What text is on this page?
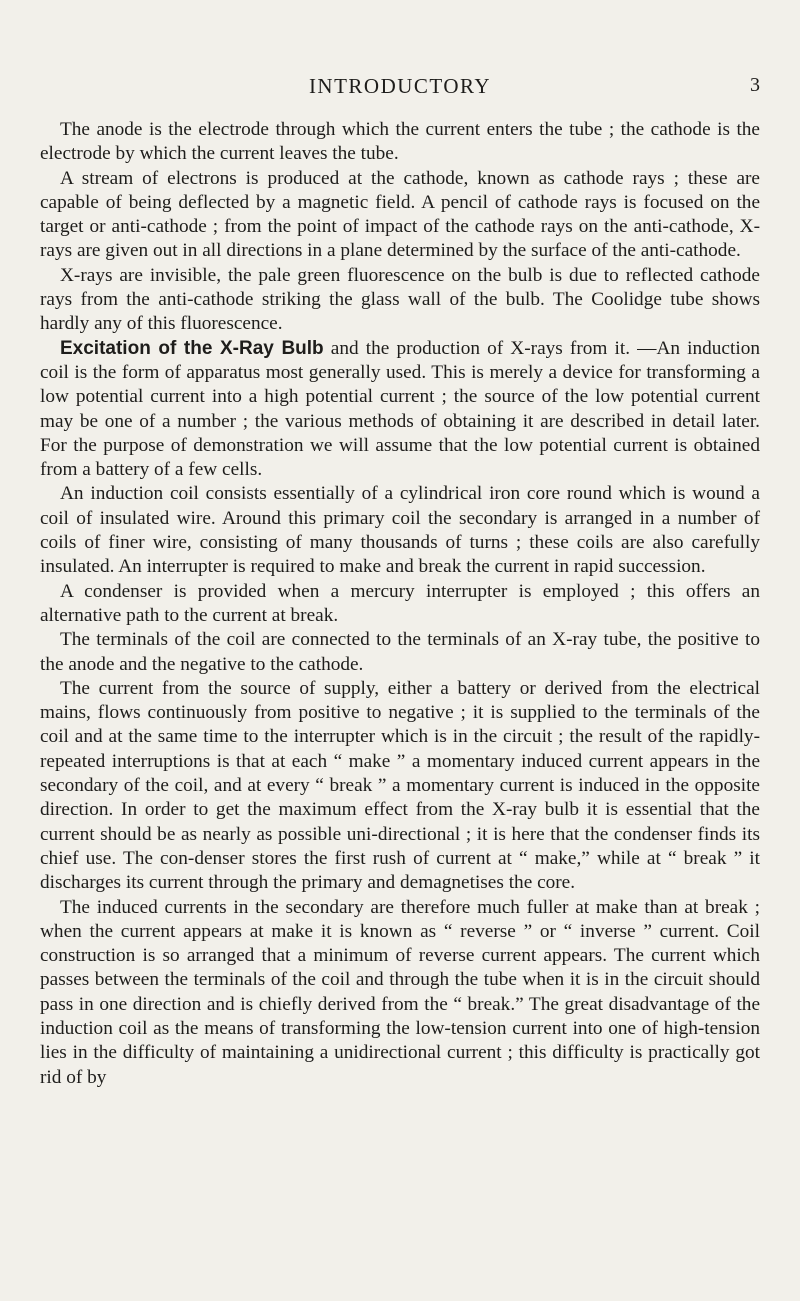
INTRODUCTORY	3

The anode is the electrode through which the current enters the tube ; the cathode is the electrode by which the current leaves the tube.

A stream of electrons is produced at the cathode, known as cathode rays ; these are capable of being deflected by a magnetic field. A pencil of cathode rays is focused on the target or anti-cathode ; from the point of impact of the cathode rays on the anti-cathode, X-rays are given out in all directions in a plane determined by the surface of the anti-cathode.

X-rays are invisible, the pale green fluorescence on the bulb is due to reflected cathode rays from the anti-cathode striking the glass wall of the bulb. The Coolidge tube shows hardly any of this fluorescence.

Excitation of the X-Ray Bulb and the production of X-rays from it. —An induction coil is the form of apparatus most generally used. This is merely a device for transforming a low potential current into a high potential current ; the source of the low potential current may be one of a number ; the various methods of obtaining it are described in detail later. For the purpose of demonstration we will assume that the low potential current is obtained from a battery of a few cells.

An induction coil consists essentially of a cylindrical iron core round which is wound a coil of insulated wire. Around this primary coil the secondary is arranged in a number of coils of finer wire, consisting of many thousands of turns ; these coils are also carefully insulated. An interrupter is required to make and break the current in rapid succession.

A condenser is provided when a mercury interrupter is employed ; this offers an alternative path to the current at break.

The terminals of the coil are connected to the terminals of an X-ray tube, the positive to the anode and the negative to the cathode.

The current from the source of supply, either a battery or derived from the electrical mains, flows continuously from positive to negative ; it is supplied to the terminals of the coil and at the same time to the interrupter which is in the circuit ; the result of the rapidly-repeated interruptions is that at each “ make ” a momentary induced current appears in the secondary of the coil, and at every “ break ” a momentary current is induced in the opposite direction. In order to get the maximum effect from the X-ray bulb it is essential that the current should be as nearly as possible uni-directional ; it is here that the condenser finds its chief use. The con-denser stores the first rush of current at “ make,” while at “ break ” it discharges its current through the primary and demagnetises the core.

The induced currents in the secondary are therefore much fuller at make than at break ; when the current appears at make it is known as “ reverse ” or “ inverse ” current. Coil construction is so arranged that a minimum of reverse current appears. The current which passes between the terminals of the coil and through the tube when it is in the circuit should pass in one direction and is chiefly derived from the “ break.” The great disadvantage of the induction coil as the means of transforming the low-tension current into one of high-tension lies in the difficulty of maintaining a unidirectional current ; this difficulty is practically got rid of by
